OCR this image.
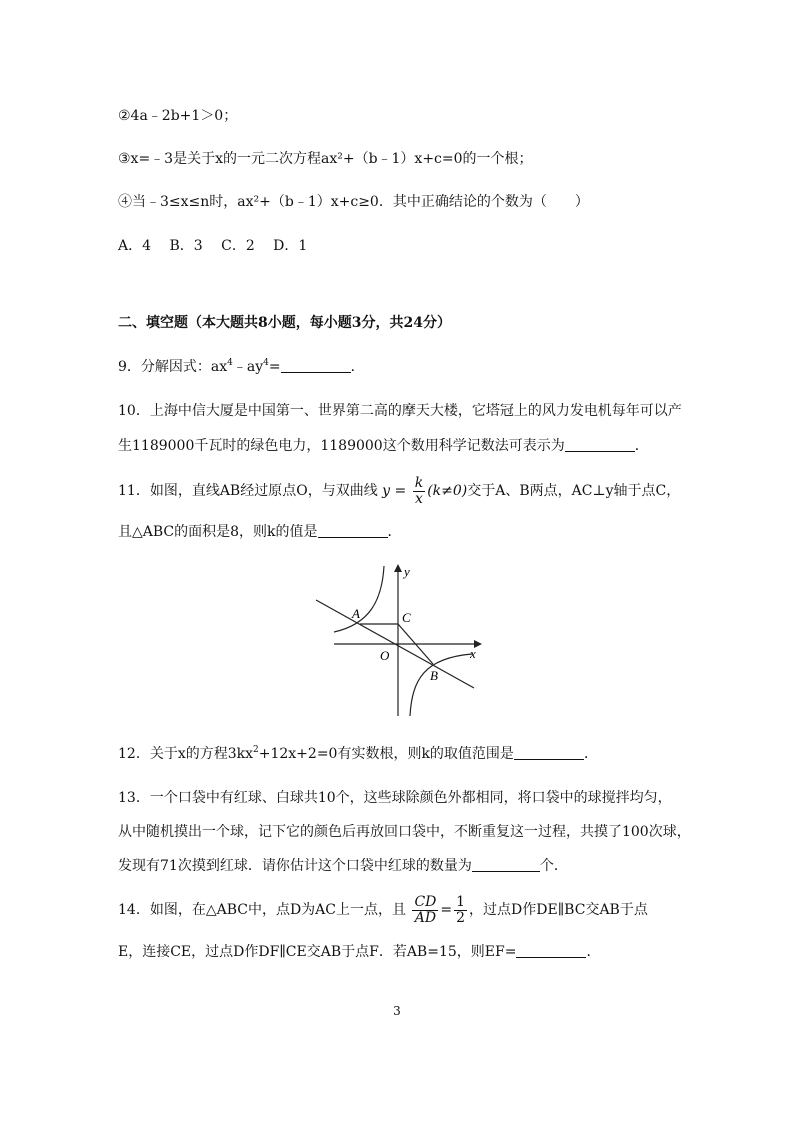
②4a﹣2b+1＞0；
③x=﹣3是关于x的一元二次方程ax²+（b﹣1）x+c=0的一个根；
④当﹣3≤x≤n时，ax²+（b﹣1）x+c≥0．其中正确结论的个数为（　　）
A．4　 B．3　 C．2　 D．1
二、填空题（本大题共8小题，每小题3分，共24分）
9．分解因式：$ax^4﹣ay^4=$	．
10．上海中信大厦是中国第一、世界第二高的摩天大楼，它塔冠上的风力发电机每年可以产
生1189000千瓦时的绿色电力，1189000这个数用科学记数法可表示为	．
11．如图，直线AB经过原点O，与双曲线 $y = \frac{k}{x} (k\ne 0)$交于A、B两点，AC⊥y轴于点C，
且△ABC的面积是8，则k的值是	．
y
x
A	C
O
B
12．关于x的方程$3kx^2+12x+2=0$有实数根，则k的取值范围是	．
13．一个口袋中有红球、白球共10个，这些球除颜色外都相同，将口袋中的球搅拌均匀，
从中随机摸出一个球，记下它的颜色后再放回口袋中，不断重复这一过程，共摸了100次球，
发现有71次摸到红球．请你估计这个口袋中红球的数量为	个．
14．如图，在△ABC中，点D为AC上一点，且 $\frac{CD}{AD} = \frac{1}{2}$ ，过点D作DE∥BC交AB于点
E，连接CE，过点D作DF∥CE交AB于点F．若AB=15，则EF=	．
3
